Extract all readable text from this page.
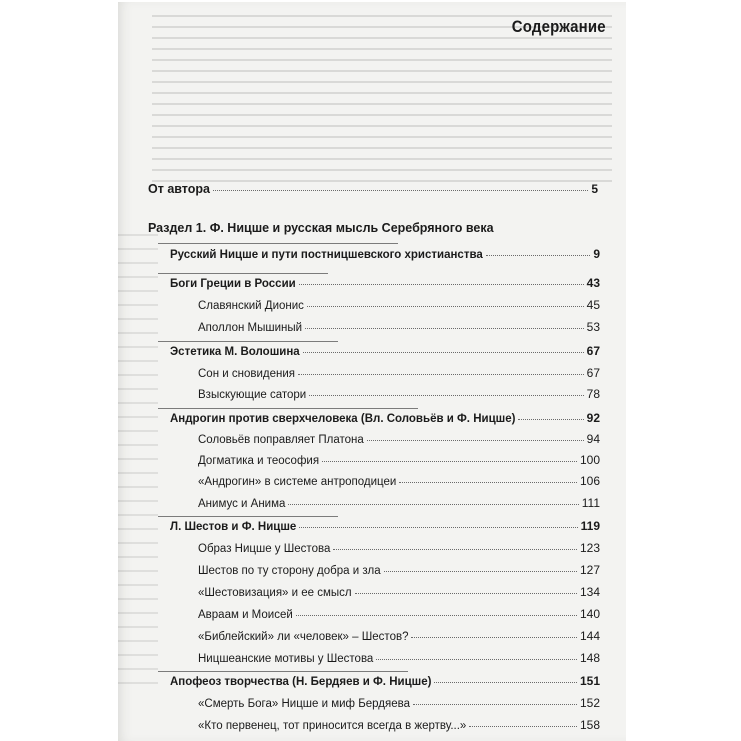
Содержание
От автора	5
Раздел 1. Ф. Ницше и русская мысль Серебряного века
Русский Ницше и пути постницшевского христианства	9
Боги Греции в России	43
Славянский Дионис	45
Аполлон Мышиный	53
Эстетика М. Волошина	67
Сон и сновидения	67
Взыскующие сатори	78
Андрогин против сверхчеловека (Вл. Соловьёв и Ф. Ницше)	92
Соловьёв поправляет Платона	94
Догматика и теософия	100
«Андрогин» в системе антроподицеи	106
Анимус и Анима	111
Л. Шестов и Ф. Ницше	119
Образ Ницше у Шестова	123
Шестов по ту сторону добра и зла	127
«Шестовизация» и ее смысл	134
Авраам и Моисей	140
«Библейский» ли «человек» – Шестов?	144
Ницшеанские мотивы у Шестова	148
Апофеоз творчества (Н. Бердяев и Ф. Ницше)	151
«Смерть Бога» Ницше и миф Бердяева	152
«Кто первенец, тот приносится всегда в жертву...»	158
